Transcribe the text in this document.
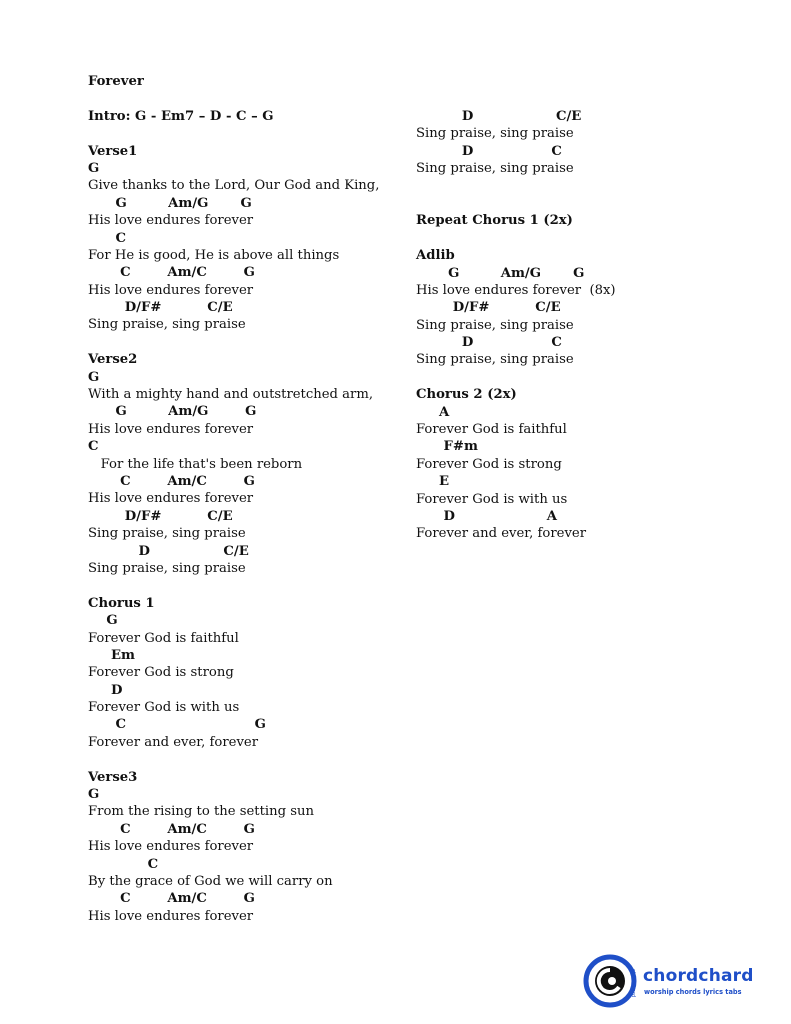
Forever
Intro: G - Em7 – D - C – G
Verse1
G
Give thanks to the Lord, Our God and King,
G         Am/G       G
His love endures forever
C
For He is good, He is above all things
C        Am/C        G
His love endures forever
D/F#          C/E
Sing praise, sing praise
Verse2
G
With a mighty hand and outstretched arm,
G         Am/G        G
His love endures forever
C
For the life that's been reborn
C        Am/C        G
His love endures forever
D/F#          C/E
Sing praise, sing praise
D                C/E
Sing praise, sing praise
Chorus 1
G
Forever God is faithful
Em
Forever God is strong
D
Forever God is with us
C                            G
Forever and ever, forever
Verse3
G
From the rising to the setting sun
C        Am/C        G
His love endures forever
C
By the grace of God we will carry on
C        Am/C        G
His love endures forever
D                  C/E
Sing praise, sing praise
D                 C
Sing praise, sing praise
Repeat Chorus 1 (2x)
Adlib
G         Am/G       G
His love endures forever  (8x)
D/F#          C/E
Sing praise, sing praise
D                 C
Sing praise, sing praise
Chorus 2 (2x)
A
Forever God is faithful
F#m
Forever God is strong
E
Forever God is with us
D                    A
Forever and ever, forever
chordchard chordchard
worship chords lyrics tabs
